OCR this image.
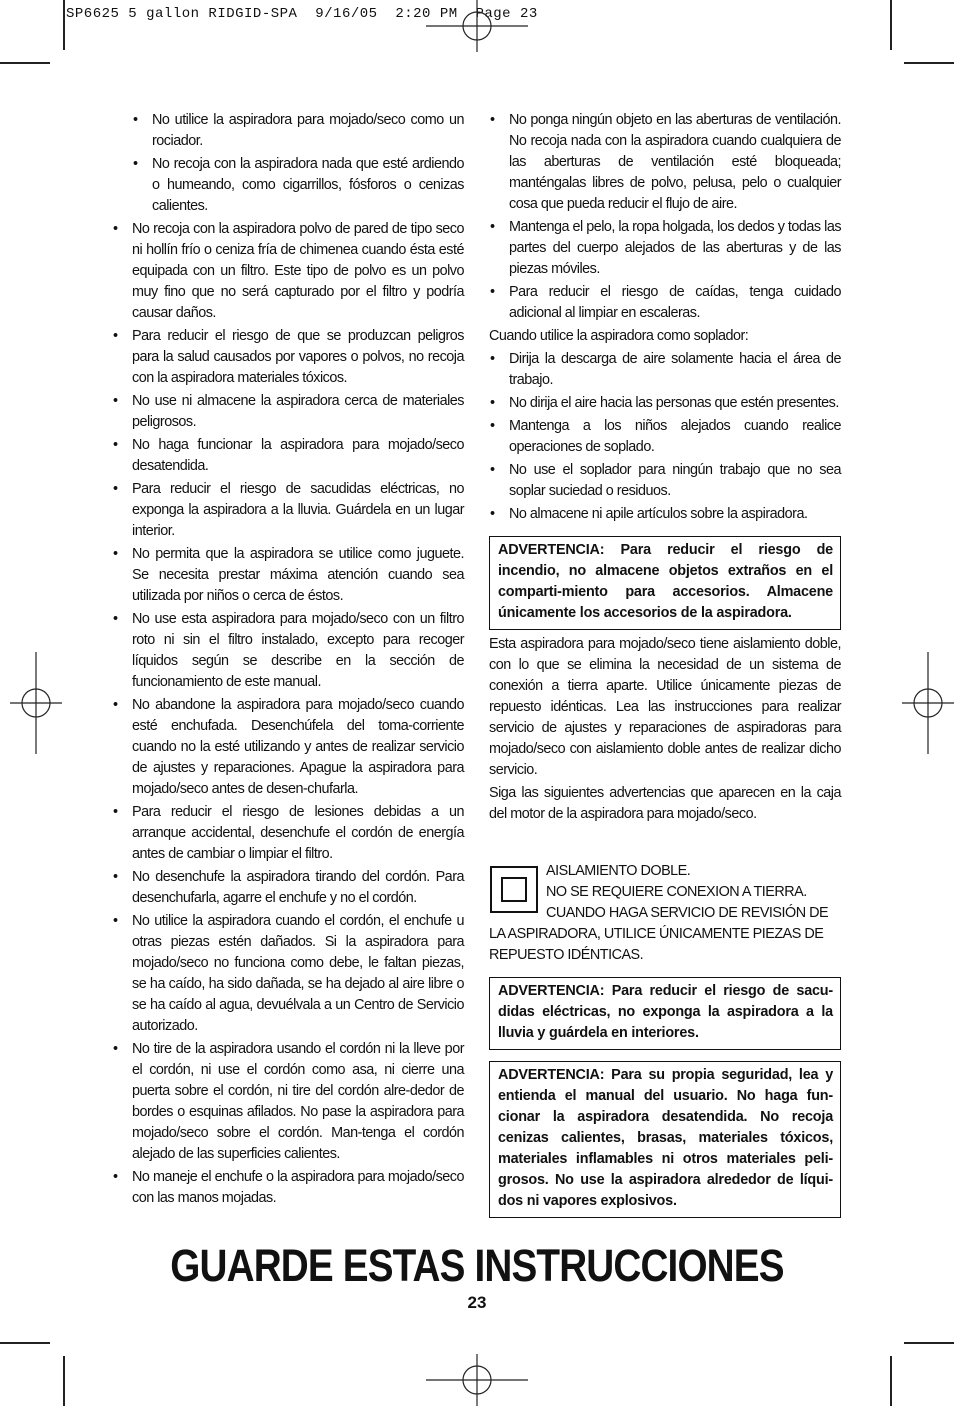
SP6625 5 gallon RIDGID-SPA  9/16/05  2:20 PM  Page 23
• No utilice la aspiradora para mojado/seco como un rociador.
• No recoja con la aspiradora nada que esté ardiendo o humeando, como cigarrillos, fósforos o cenizas calientes.
• No recoja con la aspiradora polvo de pared de tipo seco ni hollín frío o ceniza fría de chimenea cuando ésta esté equipada con un filtro. Este tipo de polvo es un polvo muy fino que no será capturado por el filtro y podría causar daños.
• Para reducir el riesgo de que se produzcan peligros para la salud causados por vapores o polvos, no recoja con la aspiradora materiales tóxicos.
• No use ni almacene la aspiradora cerca de materiales peligrosos.
• No haga funcionar la aspiradora para mojado/seco desatendida.
• Para reducir el riesgo de sacudidas eléctricas, no exponga la aspiradora a la lluvia. Guárdela en un lugar interior.
• No permita que la aspiradora se utilice como juguete. Se necesita prestar máxima atención cuando sea utilizada por niños o cerca de éstos.
• No use esta aspiradora para mojado/seco con un filtro roto ni sin el filtro instalado, excepto para recoger líquidos según se describe en la sección de funcionamiento de este manual.
• No abandone la aspiradora para mojado/seco cuando esté enchufada. Desenchúfela del toma-corriente cuando no la esté utilizando y antes de realizar servicio de ajustes y reparaciones. Apague la aspiradora para mojado/seco antes de desen-chufarla.
• Para reducir el riesgo de lesiones debidas a un arranque accidental, desenchufe el cordón de energía antes de cambiar o limpiar el filtro.
• No desenchufe la aspiradora tirando del cordón. Para desenchufarla, agarre el enchufe y no el cordón.
• No utilice la aspiradora cuando el cordón, el enchufe u otras piezas estén dañados. Si la aspiradora para mojado/seco no funciona como debe, le faltan piezas, se ha caído, ha sido dañada, se ha dejado al aire libre o se ha caído al agua, devuélvala a un Centro de Servicio autorizado.
• No tire de la aspiradora usando el cordón ni la lleve por el cordón, ni use el cordón como asa, ni cierre una puerta sobre el cordón, ni tire del cordón alre-dedor de bordes o esquinas afilados. No pase la aspiradora para mojado/seco sobre el cordón. Man-tenga el cordón alejado de las superficies calientes.
• No maneje el enchufe o la aspiradora para mojado/seco con las manos mojadas.
• No ponga ningún objeto en las aberturas de ventilación. No recoja nada con la aspiradora cuando cualquiera de las aberturas de ventilación esté bloqueada; manténgalas libres de polvo, pelusa, pelo o cualquier cosa que pueda reducir el flujo de aire.
• Mantenga el pelo, la ropa holgada, los dedos y todas las partes del cuerpo alejados de las aberturas y de las piezas móviles.
• Para reducir el riesgo de caídas, tenga cuidado adicional al limpiar en escaleras.

Cuando utilice la aspiradora como soplador:

• Dirija la descarga de aire solamente hacia el área de trabajo.
• No dirija el aire hacia las personas que estén presentes.
• Mantenga a los niños alejados cuando realice operaciones de soplado.
• No use el soplador para ningún trabajo que no sea soplar suciedad o residuos.
• No almacene ni apile artículos sobre la aspiradora.
ADVERTENCIA: Para reducir el riesgo de incendio, no almacene objetos extraños en el comparti-miento para accesorios. Almacene únicamente los accesorios de la aspiradora.

Esta aspiradora para mojado/seco tiene aislamiento doble, con lo que se elimina la necesidad de un sistema de conexión a tierra aparte. Utilice únicamente piezas de repuesto idénticas. Lea las instrucciones para realizar servicio de ajustes y reparaciones de aspiradoras para mojado/seco con aislamiento doble antes de realizar dicho servicio.

Siga las siguientes advertencias que aparecen en la caja del motor de la aspiradora para mojado/seco.

AISLAMIENTO DOBLE.
NO SE REQUIERE CONEXION A TIERRA.
CUANDO HAGA SERVICIO DE REVISIÓN DE
LA ASPIRADORA, UTILICE ÚNICAMENTE PIEZAS DE REPUESTO IDÉNTICAS.
ADVERTENCIA: Para reducir el riesgo de sacu-didas eléctricas, no exponga la aspiradora a la lluvia y guárdela en interiores.
ADVERTENCIA: Para su propia seguridad, lea y entienda el manual del usuario. No haga fun-cionar la aspiradora desatendida. No recoja cenizas calientes, brasas, materiales tóxicos, materiales inflamables ni otros materiales peli-grosos. No use la aspiradora alrededor de líqui-dos ni vapores explosivos.
GUARDE ESTAS INSTRUCCIONES
23
